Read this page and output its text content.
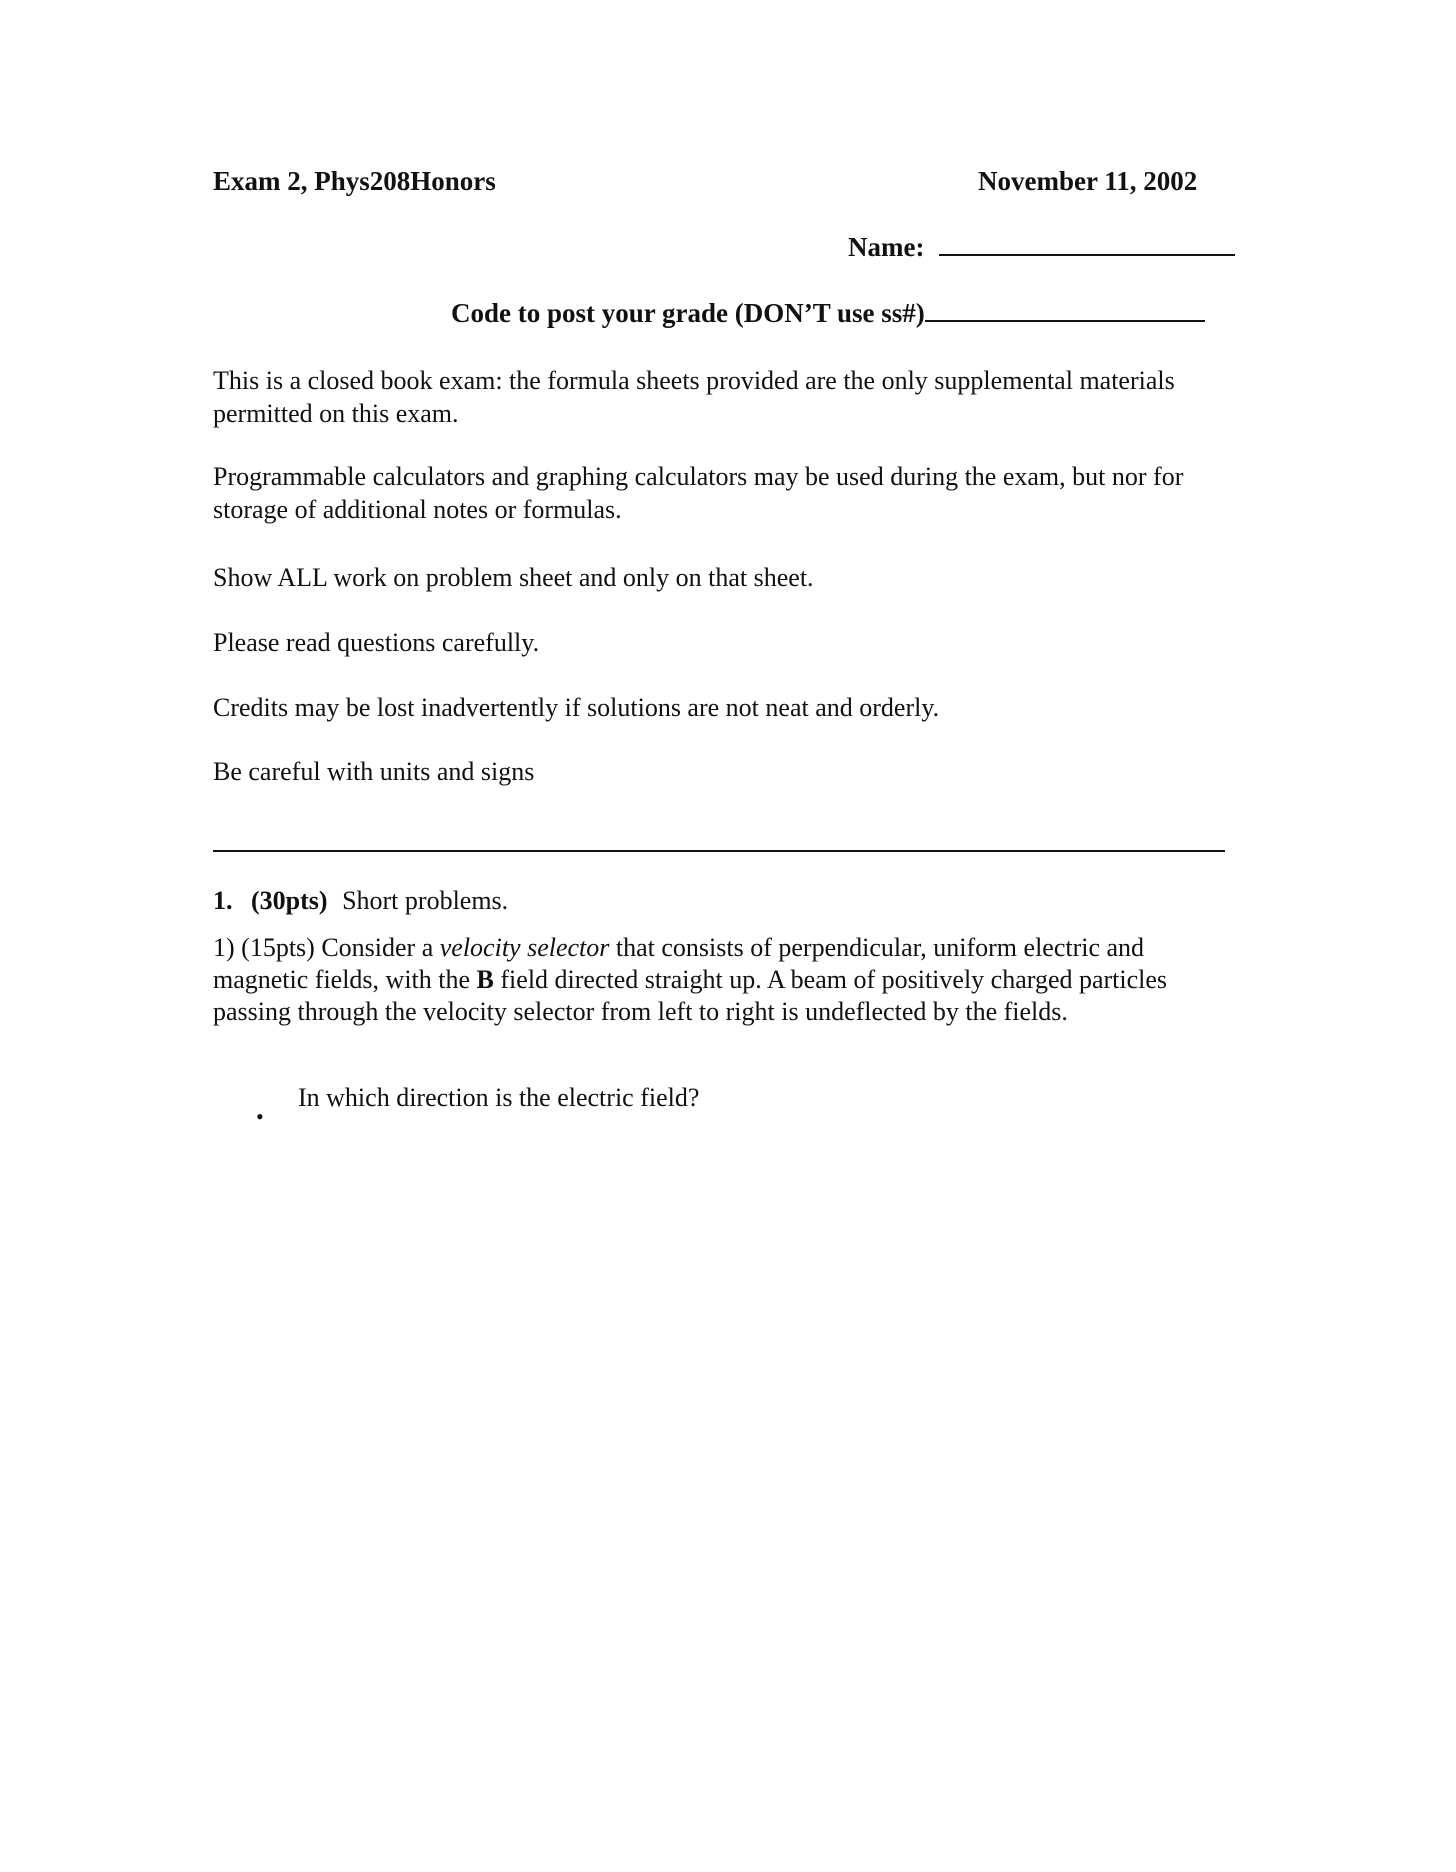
Exam 2, Phys208Honors	November 11, 2002
Name:
Code to post your grade (DON’T use ss#)
This is a closed book exam: the formula sheets provided are the only supplemental materials permitted on this exam.
Programmable calculators and graphing calculators may be used during the exam, but nor for storage of additional notes or formulas.
Show ALL work on problem sheet and only on that sheet.
Please read questions carefully.
Credits may be lost inadvertently if solutions are not neat and orderly.
Be careful with units and signs
1. (30pts) Short problems.
1) (15pts) Consider a velocity selector that consists of perpendicular, uniform electric and magnetic fields, with the B field directed straight up. A beam of positively charged particles passing through the velocity selector from left to right is undeflected by the fields.
•
In which direction is the electric field?
